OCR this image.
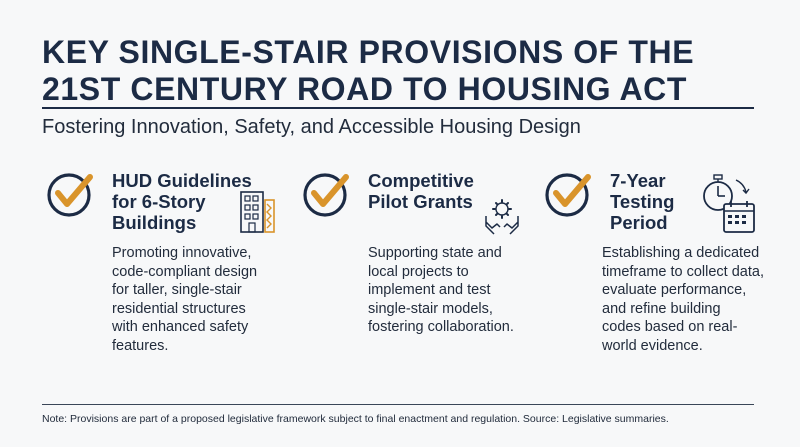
KEY SINGLE-STAIR PROVISIONS OF THE
21ST CENTURY ROAD TO HOUSING ACT
Fostering Innovation, Safety, and Accessible Housing Design
HUD Guidelines
for 6-Story
Buildings
Promoting innovative,
code-compliant design
for taller, single-stair
residential structures
with enhanced safety
features.
Competitive
Pilot Grants
Supporting state and
local projects to
implement and test
single-stair models,
fostering collaboration.
7-Year
Testing
Period
Establishing a dedicated
timeframe to collect data,
evaluate performance,
and refine building
codes based on real-
world evidence.
Note: Provisions are part of a proposed legislative framework subject to final enactment and regulation. Source: Legislative summaries.
